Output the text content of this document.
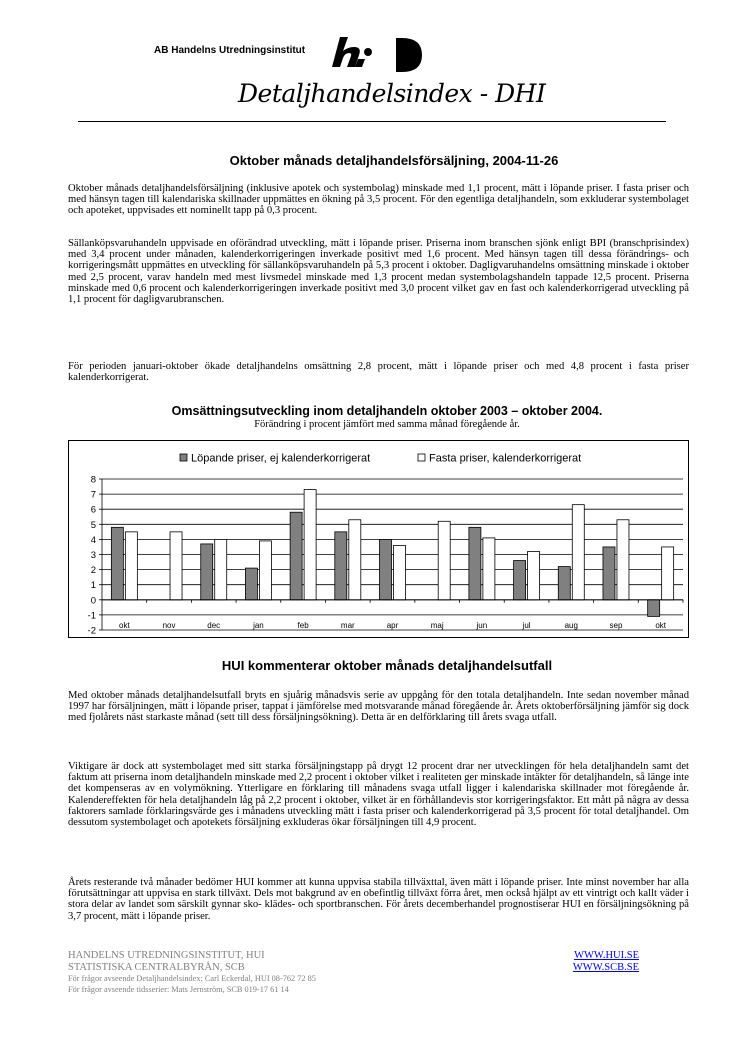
AB Handelns Utredningsinstitut
Detaljhandelsindex - DHI
Oktober månads detaljhandelsförsäljning, 2004-11-26

Oktober månads detaljhandelsförsäljning (inklusive apotek och systembolag) minskade med 1,1 procent, mätt i löpande priser. I fasta priser och med hänsyn tagen till kalendariska skillnader uppmättes en ökning på 3,5 procent. För den egentliga detaljhandeln, som exkluderar systembolaget och apoteket, uppvisades ett nominellt tapp på 0,3 procent.

Sällanköpsvaruhandeln uppvisade en oförändrad utveckling, mätt i löpande priser. Priserna inom branschen sjönk enligt BPI (branschprisindex) med 3,4 procent under månaden, kalenderkorrigeringen inverkade positivt med 1,6 procent. Med hänsyn tagen till dessa förändrings- och korrigeringsmått uppmättes en utveckling för sällanköpsvaruhandeln på 5,3 procent i oktober. Dagligvaruhandelns omsättning minskade i oktober med 2,5 procent, varav handeln med mest livsmedel minskade med 1,3 procent medan systembolagshandeln tappade 12,5 procent. Priserna minskade med 0,6 procent och kalenderkorrigeringen inverkade positivt med 3,0 procent vilket gav en fast och kalenderkorrigerad utveckling på 1,1 procent för dagligvarubranschen.

För perioden januari-oktober ökade detaljhandelns omsättning 2,8 procent, mätt i löpande priser och med 4,8 procent i fasta priser kalenderkorrigerat.

Omsättningsutveckling inom detaljhandeln oktober 2003 – oktober 2004.
Förändring i procent jämfört med samma månad föregående år.
-2
-1
0
1
2
3
4
5
6
7
8
okt	nov	dec	jan	feb	mar	apr	maj	jun	jul	aug	sep	okt
Löpande priser, ej kalenderkorrigerat	Fasta priser, kalenderkorrigerat
HUI kommenterar oktober månads detaljhandelsutfall

Med oktober månads detaljhandelsutfall bryts en sjuårig månadsvis serie av uppgång för den totala detaljhandeln. Inte sedan november månad 1997 har försäljningen, mätt i löpande priser, tappat i jämförelse med motsvarande månad föregående år. Årets oktoberförsäljning jämför sig dock med fjolårets näst starkaste månad (sett till dess försäljningsökning). Detta är en delförklaring till årets svaga utfall.

Viktigare är dock att systembolaget med sitt starka försäljningstapp på drygt 12 procent drar ner utvecklingen för hela detaljhandeln samt det faktum att priserna inom detaljhandeln minskade med 2,2 procent i oktober vilket i realiteten ger minskade intäkter för detaljhandeln, så länge inte det kompenseras av en volymökning. Ytterligare en förklaring till månadens svaga utfall ligger i kalendariska skillnader mot föregående år. Kalendereffekten för hela detaljhandeln låg på 2,2 procent i oktober, vilket är en förhållandevis stor korrigeringsfaktor. Ett mått på några av dessa faktorers samlade förklaringsvärde ges i månadens utveckling mätt i fasta priser och kalenderkorrigerad på 3,5 procent för total detaljhandel. Om dessutom systembolaget och apotekets försäljning exkluderas ökar försäljningen till 4,9 procent.

Årets resterande två månader bedömer HUI kommer att kunna uppvisa stabila tillväxttal, även mätt i löpande priser. Inte minst november har alla förutsättningar att uppvisa en stark tillväxt. Dels mot bakgrund av en obefintlig tillväxt förra året, men också hjälpt av ett vintrigt och kallt väder i stora delar av landet som särskilt gynnar sko- klädes- och sportbranschen. För årets decemberhandel prognostiserar HUI en försäljningsökning på 3,7 procent, mätt i löpande priser.

HANDELNS UTREDNINGSINSTITUT, HUI
STATISTISKA CENTRALBYRÅN, SCB
För frågor avseende Detaljhandelsindex: Carl Eckerdal, HUI 08-762 72 85
För frågor avseende tidsserier: Mats Jernström, SCB 019-17 61 14
WWW.HUI.SE
WWW.SCB.SE
